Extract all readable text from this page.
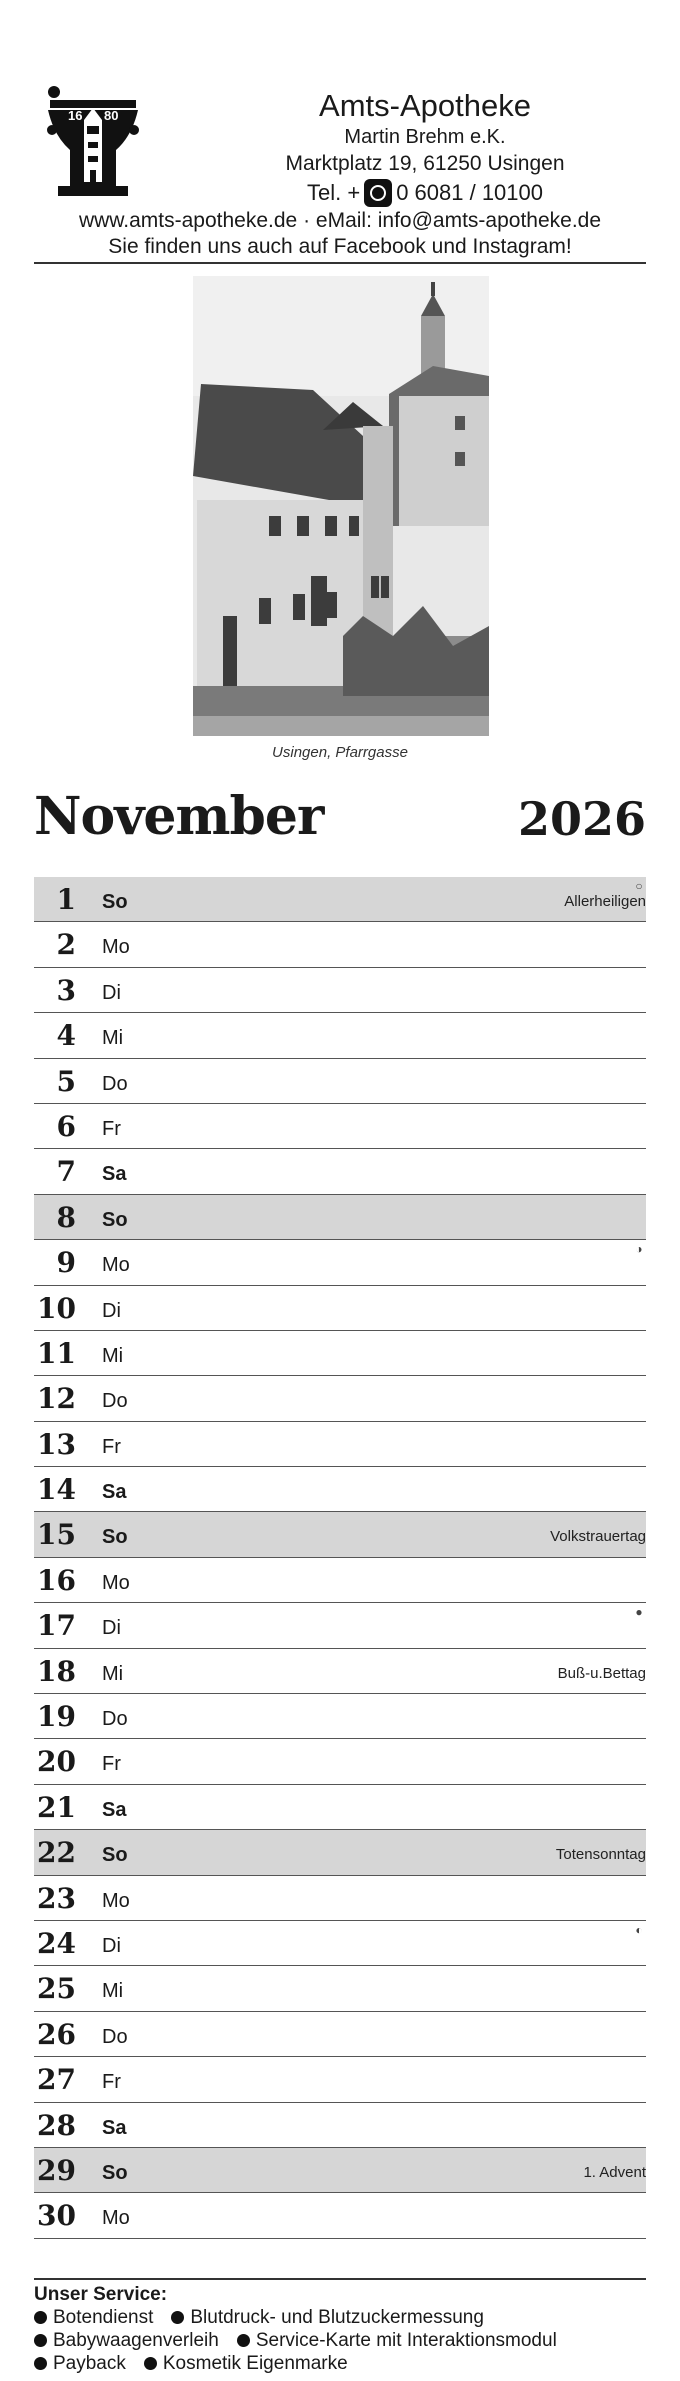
16 80	Amts-Apotheke
Martin Brehm e.K.
Marktplatz 19, 61250 Usingen
Tel. + 0 6081 / 10100
www.amts-apotheke.de · eMail: info@amts-apotheke.de
Sie finden uns auch auf Facebook und Instagram!
Usingen, Pfarrgasse
November	2026
1 So	Allerheiligen
○
2 Mo
3 Di
4 Mi
5 Do
6 Fr
7 Sa
8 So
9 Mo
◑
10 Di
11 Mi
12 Do
13 Fr
14 Sa
15 So	Volkstrauertag
16 Mo
17 Di
●
18 Mi	Buß-u.Bettag
19 Do
20 Fr
21 Sa
22 So	Totensonntag
23 Mo
24 Di
◐
25 Mi
26 Do
27 Fr
28 Sa
29 So	1. Advent
30 Mo
Unser Service:
Botendienst Blutdruck- und Blutzuckermessung
Babywaagenverleih Service-Karte mit Interaktionsmodul
Payback Kosmetik Eigenmarke
